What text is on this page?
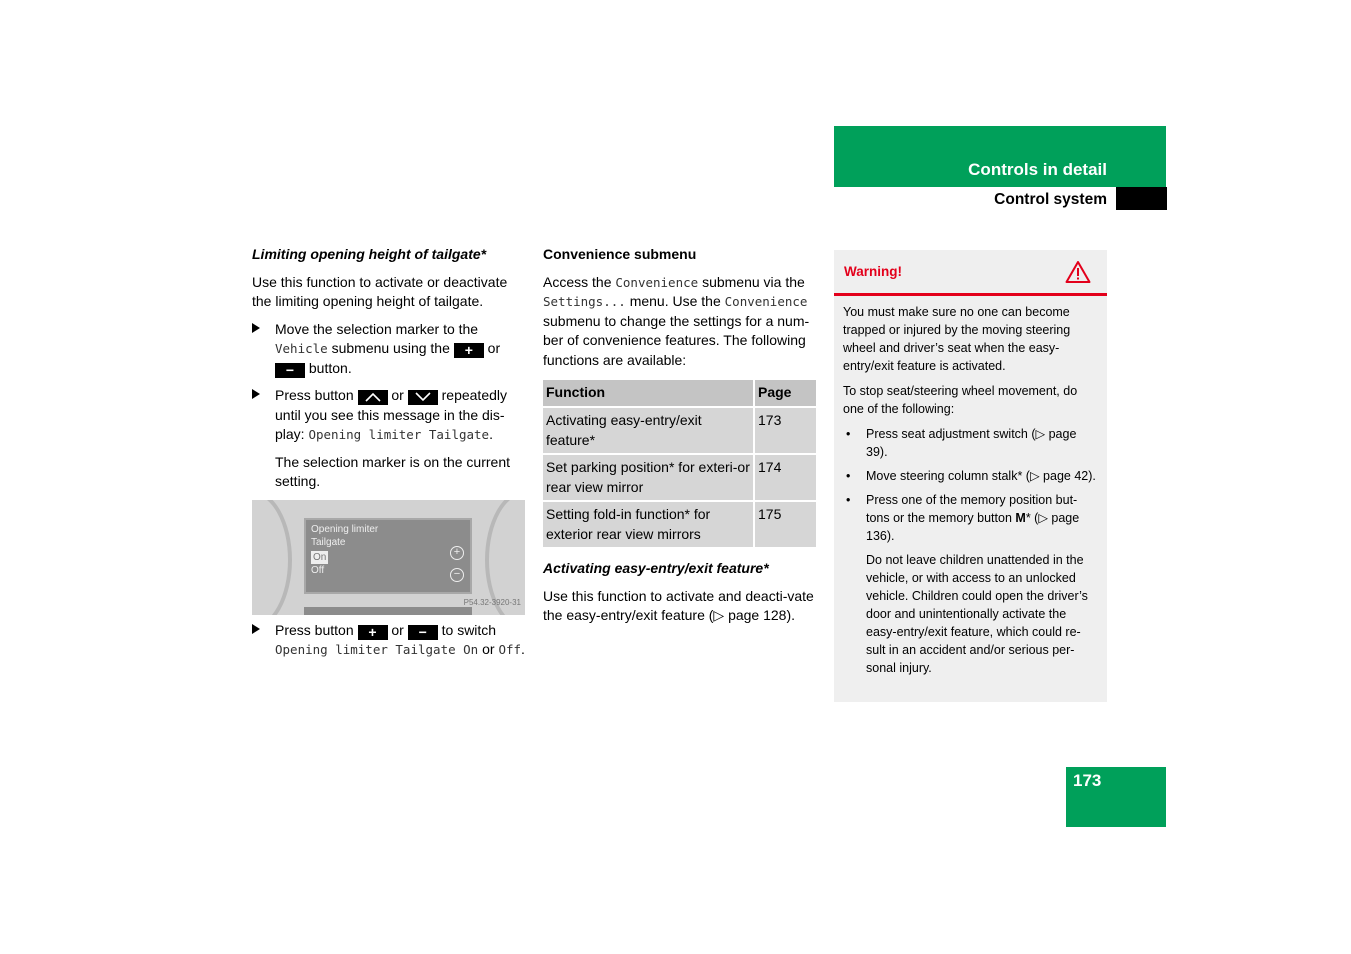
Controls in detail
Control system
Limiting opening height of tailgate*

Use this function to activate or deactivate the limiting opening height of tailgate.

Move the selection marker to the Vehicle submenu using the + or − button.
Press button	or	repeatedly until you see this message in the dis-play: Opening limiter Tailgate.
The selection marker is on the current setting.
Opening limiter
Tailgate
On
Off
+
−
P54.32-3920-31
Press button + or − to switch Opening limiter Tailgate On or Off.
Convenience submenu

Access the Convenience submenu via the Settings... menu. Use the Convenience submenu to change the settings for a num-ber of convenience features. The following functions are available:

Function	Page
Activating easy-entry/exit feature*	173
Set parking position* for exteri-or rear view mirror	174
Setting fold-in function* for exterior rear view mirrors	175
Activating easy-entry/exit feature*

Use this function to activate and deacti-vate the easy-entry/exit feature (▷ page 128).

Warning!

You must make sure no one can become trapped or injured by the moving steering wheel and driver’s seat when the easy-entry/exit feature is activated.

To stop seat/steering wheel movement, do one of the following:

• Press seat adjustment switch (▷ page 39).
• Move steering column stalk* (▷ page 42).
• Press one of the memory position but-tons or the memory button M* (▷ page 136).
Do not leave children unattended in the vehicle, or with access to an unlocked vehicle. Children could open the driver’s door and unintentionally activate the easy-entry/exit feature, which could re-sult in an accident and/or serious per-sonal injury.
173
